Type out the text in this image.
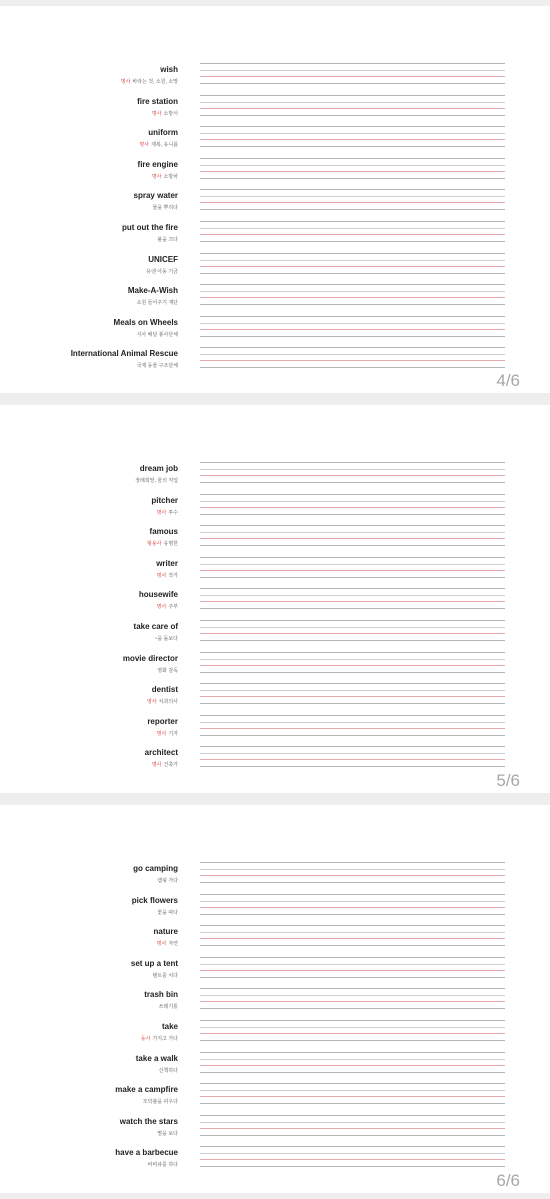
wish
명사 바라는 것, 소원, 소망
fire station
명사 소방서
uniform
명사 제복, 유니폼
fire engine
명사 소방차
spray water
물을 뿌리다
put out the fire
불을 끄다
UNICEF
유엔 아동 기금
Make-A-Wish
소원 들어주기 재단
Meals on Wheels
식사 배달 봉사단체
International Animal Rescue
국제 동물 구조단체
4/6
dream job
장래희망, 꿈의 직업
pitcher
명사 투수
famous
형용사 유명한
writer
명사 작가
housewife
명사 주부
take care of
~을 돌보다
movie director
영화 감독
dentist
명사 치과의사
reporter
명사 기자
architect
명사 건축가
5/6
go camping
캠핑 가다
pick flowers
꽃을 따다
nature
명사 자연
set up a tent
텐트를 치다
trash bin
쓰레기통
take
동사 가지고 가다
take a walk
산책하다
make a campfire
모닥불을 피우다
watch the stars
별을 보다
have a barbecue
바비큐를 하다
6/6
